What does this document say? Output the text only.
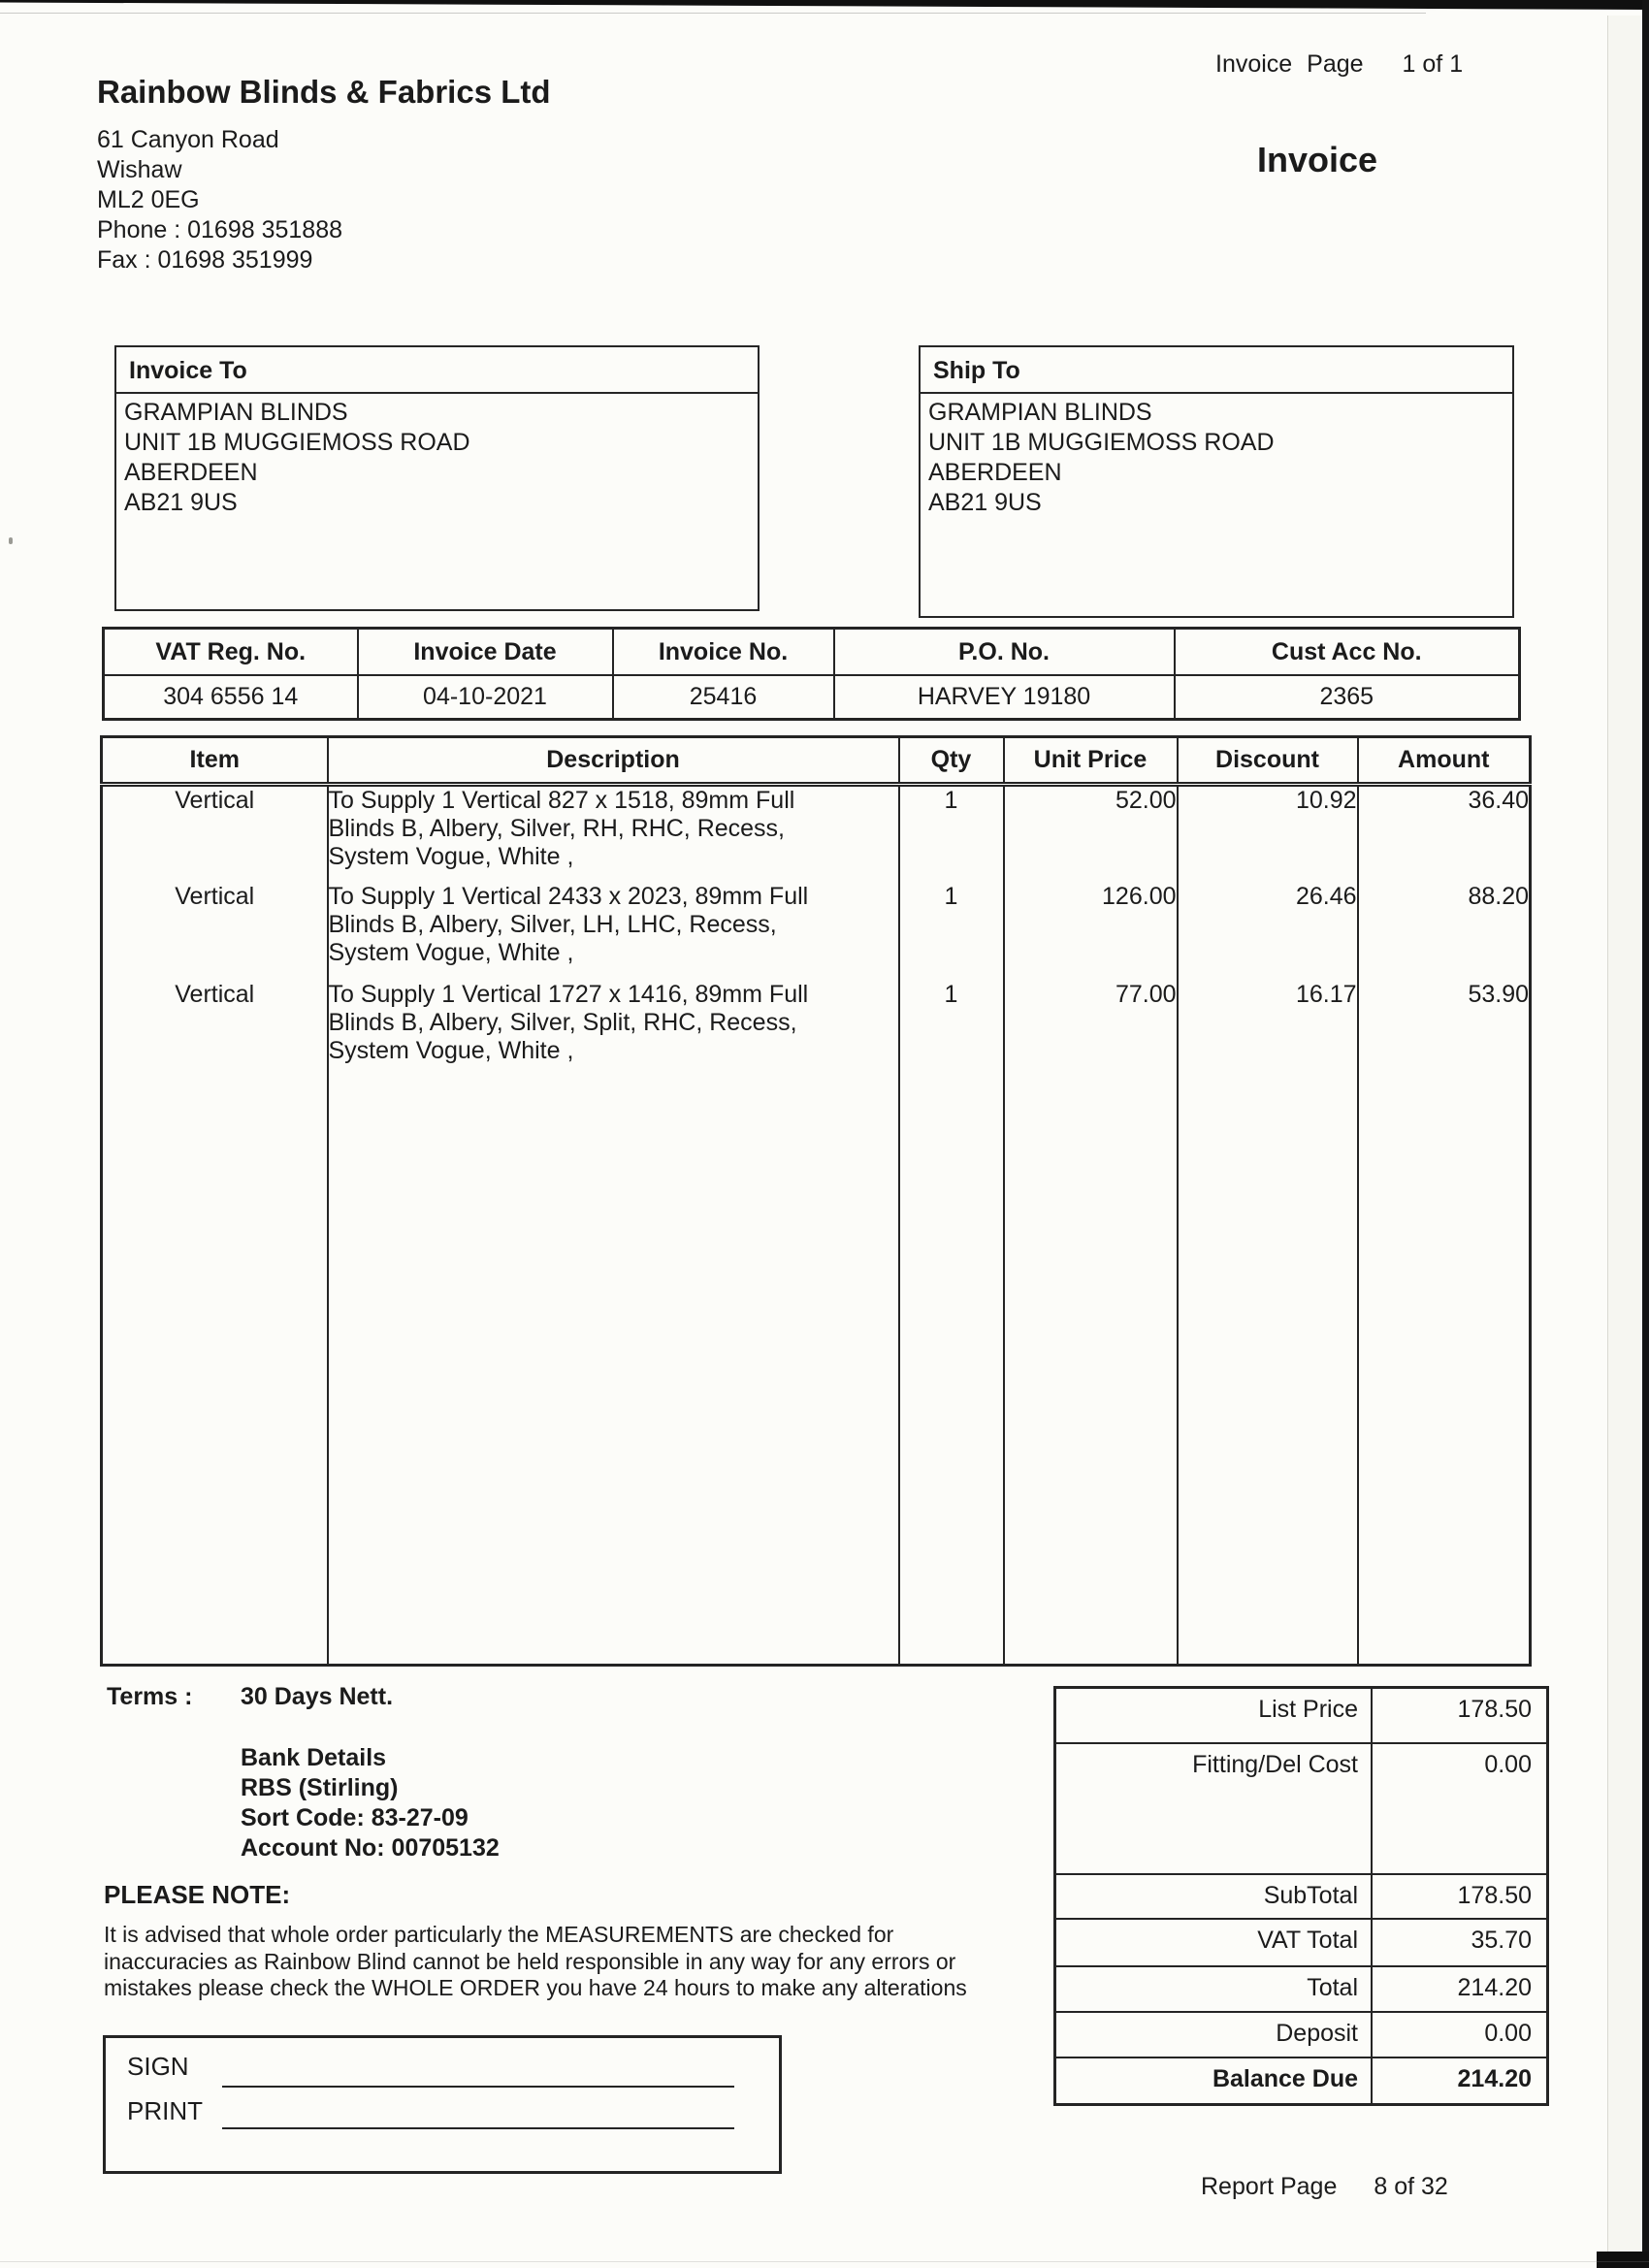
Invoice Page 1 of 1
Rainbow Blinds & Fabrics Ltd
61 Canyon Road
Wishaw
ML2 0EG
Phone : 01698 351888
Fax : 01698 351999
Invoice
Invoice To
GRAMPIAN BLINDS
UNIT 1B MUGGIEMOSS ROAD
ABERDEEN
AB21 9US
Ship To
GRAMPIAN BLINDS
UNIT 1B MUGGIEMOSS ROAD
ABERDEEN
AB21 9US
VAT Reg. No.	Invoice Date	Invoice No.	P.O. No.	Cust Acc No.
304 6556 14	04-10-2021	25416	HARVEY 19180	2365
Item	Description	Qty	Unit Price	Discount	Amount
Vertical	To Supply 1 Vertical 827 x 1518, 89mm Full
Blinds B, Albery, Silver, RH, RHC, Recess,
System Vogue, White ,	1	52.00	10.92	36.40
Vertical	To Supply 1 Vertical 2433 x 2023, 89mm Full
Blinds B, Albery, Silver, LH, LHC, Recess,
System Vogue, White ,	1	126.00	26.46	88.20
Vertical	To Supply 1 Vertical 1727 x 1416, 89mm Full
Blinds B, Albery, Silver, Split, RHC, Recess,
System Vogue, White ,	1	77.00	16.17	53.90

Terms : 30 Days Nett.
Bank Details
RBS (Stirling)
Sort Code: 83-27-09
Account No: 00705132
PLEASE NOTE:
It is advised that whole order particularly the MEASUREMENTS are checked for
inaccuracies as Rainbow Blind cannot be held responsible in any way for any errors or
mistakes please check the WHOLE ORDER you have 24 hours to make any alterations
List Price	178.50
Fitting/Del Cost	0.00
SubTotal	178.50
VAT Total	35.70
Total	214.20
Deposit	0.00
Balance Due	214.20
SIGN
PRINT
Report Page 8 of 32
